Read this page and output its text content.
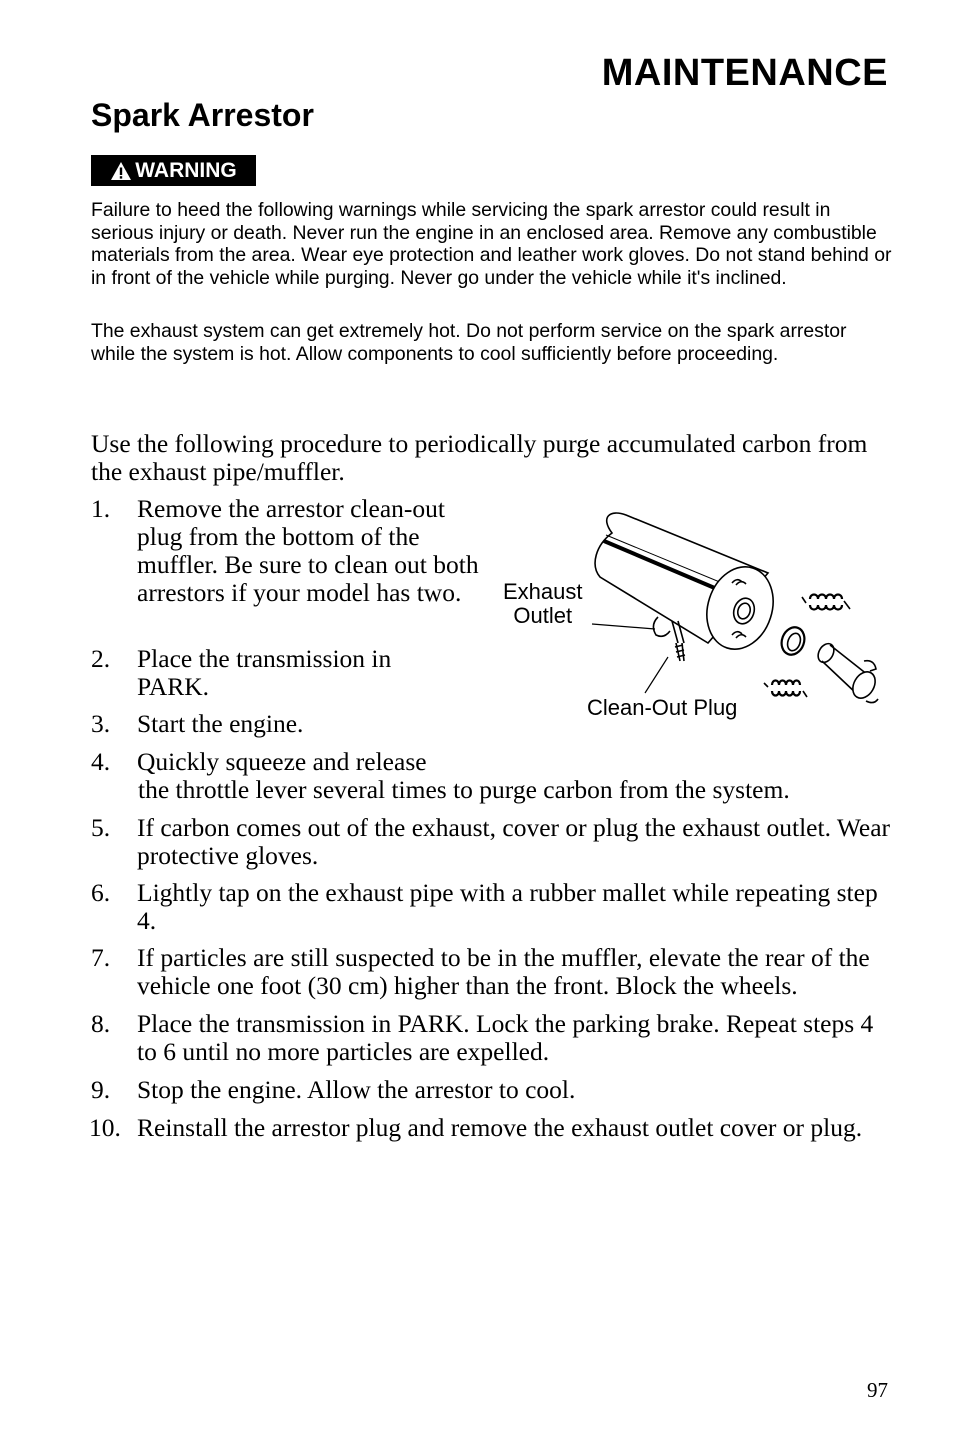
MAINTENANCE
Spark Arrestor
WARNING

Failure to heed the following warnings while servicing the spark arrestor could result in serious injury or death. Never run the engine in an enclosed area. Remove any combustible materials from the area. Wear eye protection and leather work gloves. Do not stand behind or in front of the vehicle while purging. Never go under the vehicle while it's inclined.

The exhaust system can get extremely hot. Do not perform service on the spark arrestor while the system is hot. Allow components to cool sufficiently before proceeding.

Use the following procedure to periodically purge accumulated carbon from the exhaust pipe/muffler.

1. Remove the arrestor clean-out plug from the bottom of the muffler. Be sure to clean out both arrestors if your model has two.
2. Place the transmission in PARK.
3. Start the engine.
4. Quickly squeeze and release
the throttle lever several times to purge carbon from the system.
5. If carbon comes out of the exhaust, cover or plug the exhaust outlet. Wear protective gloves.
6. Lightly tap on the exhaust pipe with a rubber mallet while repeating step 4.
7. If particles are still suspected to be in the muffler, elevate the rear of the vehicle one foot (30 cm) higher than the front. Block the wheels.
8. Place the transmission in PARK. Lock the parking brake. Repeat steps 4 to 6 until no more particles are expelled.
9. Stop the engine. Allow the arrestor to cool.
10. Reinstall the arrestor plug and remove the exhaust outlet cover or plug.
Exhaust
Outlet
Clean-Out Plug
97
